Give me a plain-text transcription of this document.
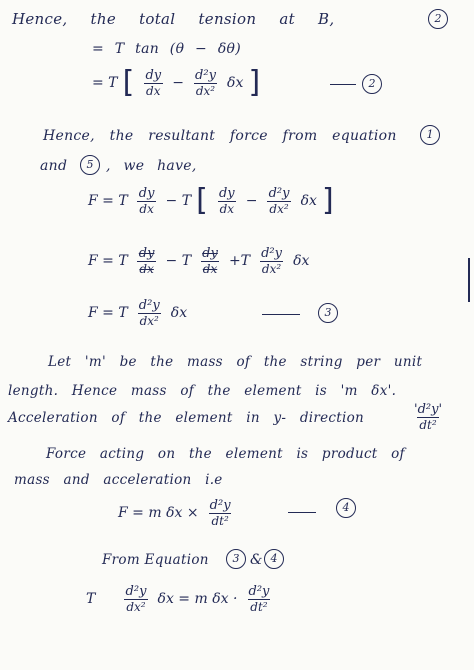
Hence, the total tension at B,	2
= T tan (θ − δθ)
= T [ $\frac{dy}{dx} - \frac{\text{d²y}}{\text{dx²}}$ δx ]	2
Hence, the resultant force from equation	1
and	5 , we have,
F = T $\frac{dy}{dx} - T$ [ $\frac{dy}{dx} - \frac{\text{d²y}}{\text{dx²}}$ δx ]
F = T $\frac{dy}{dx} - T \frac{dy}{dx} +T \frac{\text{d²y}}{\text{dx²}}$ δx
F = T $\frac{\text{d²y}}{\text{dx²}}$ δx	3
Let 'm' be the mass of the string per unit
length. Hence mass of the element is 'm δx'.
Acceleration of the element in y- direction	$\frac{\text{'d²y'}}{\text{dt²}}$
Force acting on the element is product of
mass and acceleration i.e
F = m $\delta x \times \frac{\text{d²y}}{\text{dt²}}$	4
From Equation	3 & 4
T $\frac{\text{d²y}}{\text{dx²}}$ δx = m $\delta x \cdot \frac{\text{d²y}}{\text{dt²}}$
